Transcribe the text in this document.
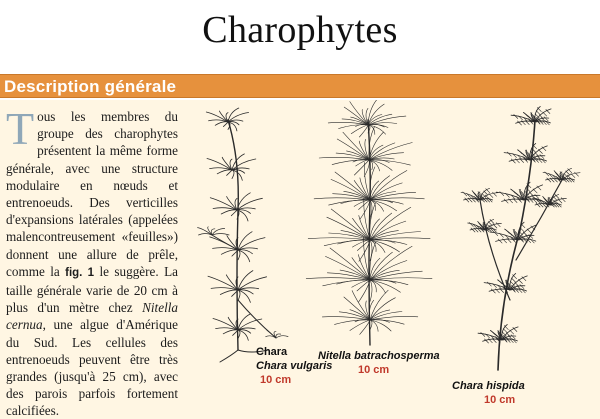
Charophytes
Description générale
Tous les membres du groupe des charophytes présentent la même forme générale, avec une structure modulaire en nœuds et entrenoeuds. Des verticilles d'expansions latérales (appelées malencontreusement «feuilles») donnent une allure de prêle, comme la fig. 1 le suggère. La taille générale varie de 20 cm à plus d'un mètre chez Nitella cernua, une algue d'Amérique du Sud. Les cellules des entrenoeuds peuvent être très grandes (jusqu'à 25 cm), avec des parois parfois fortement calcifiées.
Chara
Chara vulgaris
10 cm
Nitella batrachosperma
10 cm
Chara hispida
10 cm
